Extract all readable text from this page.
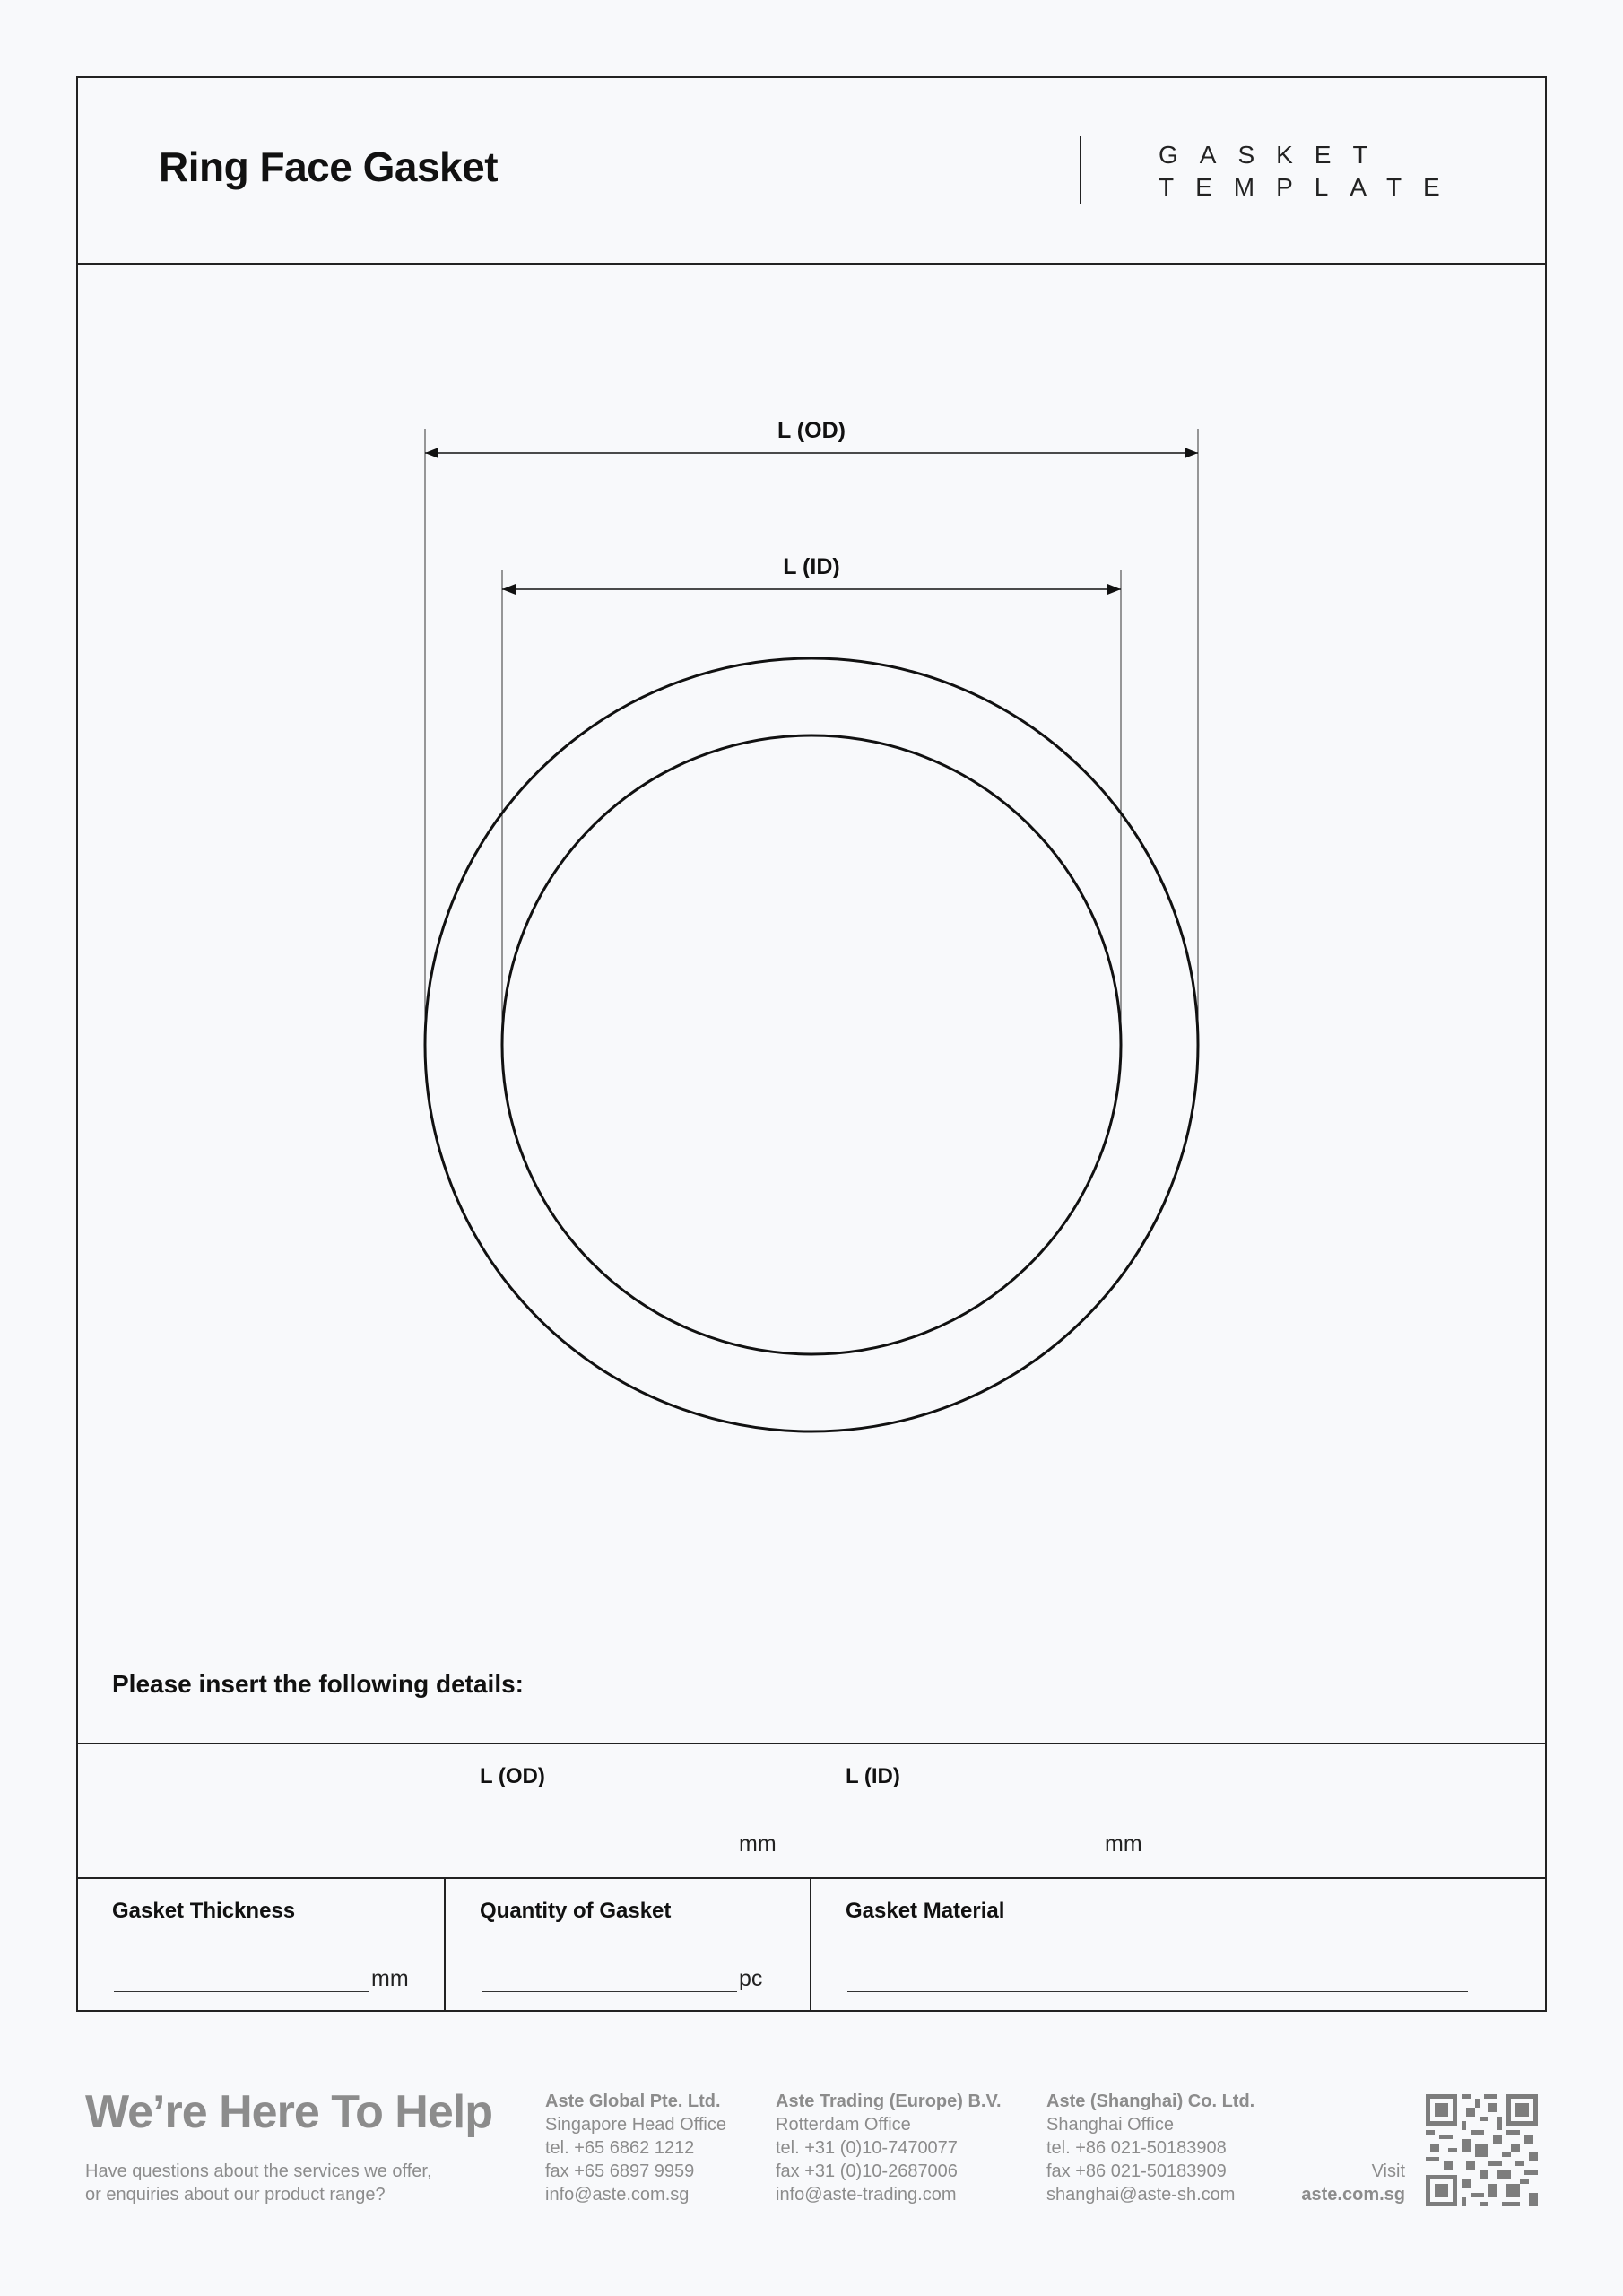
L (OD)
L (ID)
Ring Face Gasket	GASKET
TEMPLATE
Please insert the following details:
L (OD)
mm
L (ID)
mm
Gasket Thickness
mm
Quantity of Gasket
pc
Gasket Material
We’re Here To Help
Have questions about the services we offer,
or enquiries about our product range?
Aste Global Pte. Ltd.
Singapore Head Office
tel. +65 6862 1212
fax +65 6897 9959
info@aste.com.sg
Aste Trading (Europe) B.V.
Rotterdam Office
tel. +31 (0)10-7470077
fax +31 (0)10-2687006
info@aste-trading.com
Aste (Shanghai) Co. Ltd.
Shanghai Office
tel. +86 021-50183908
fax +86 021-50183909
shanghai@aste-sh.com
Visit
aste.com.sg
